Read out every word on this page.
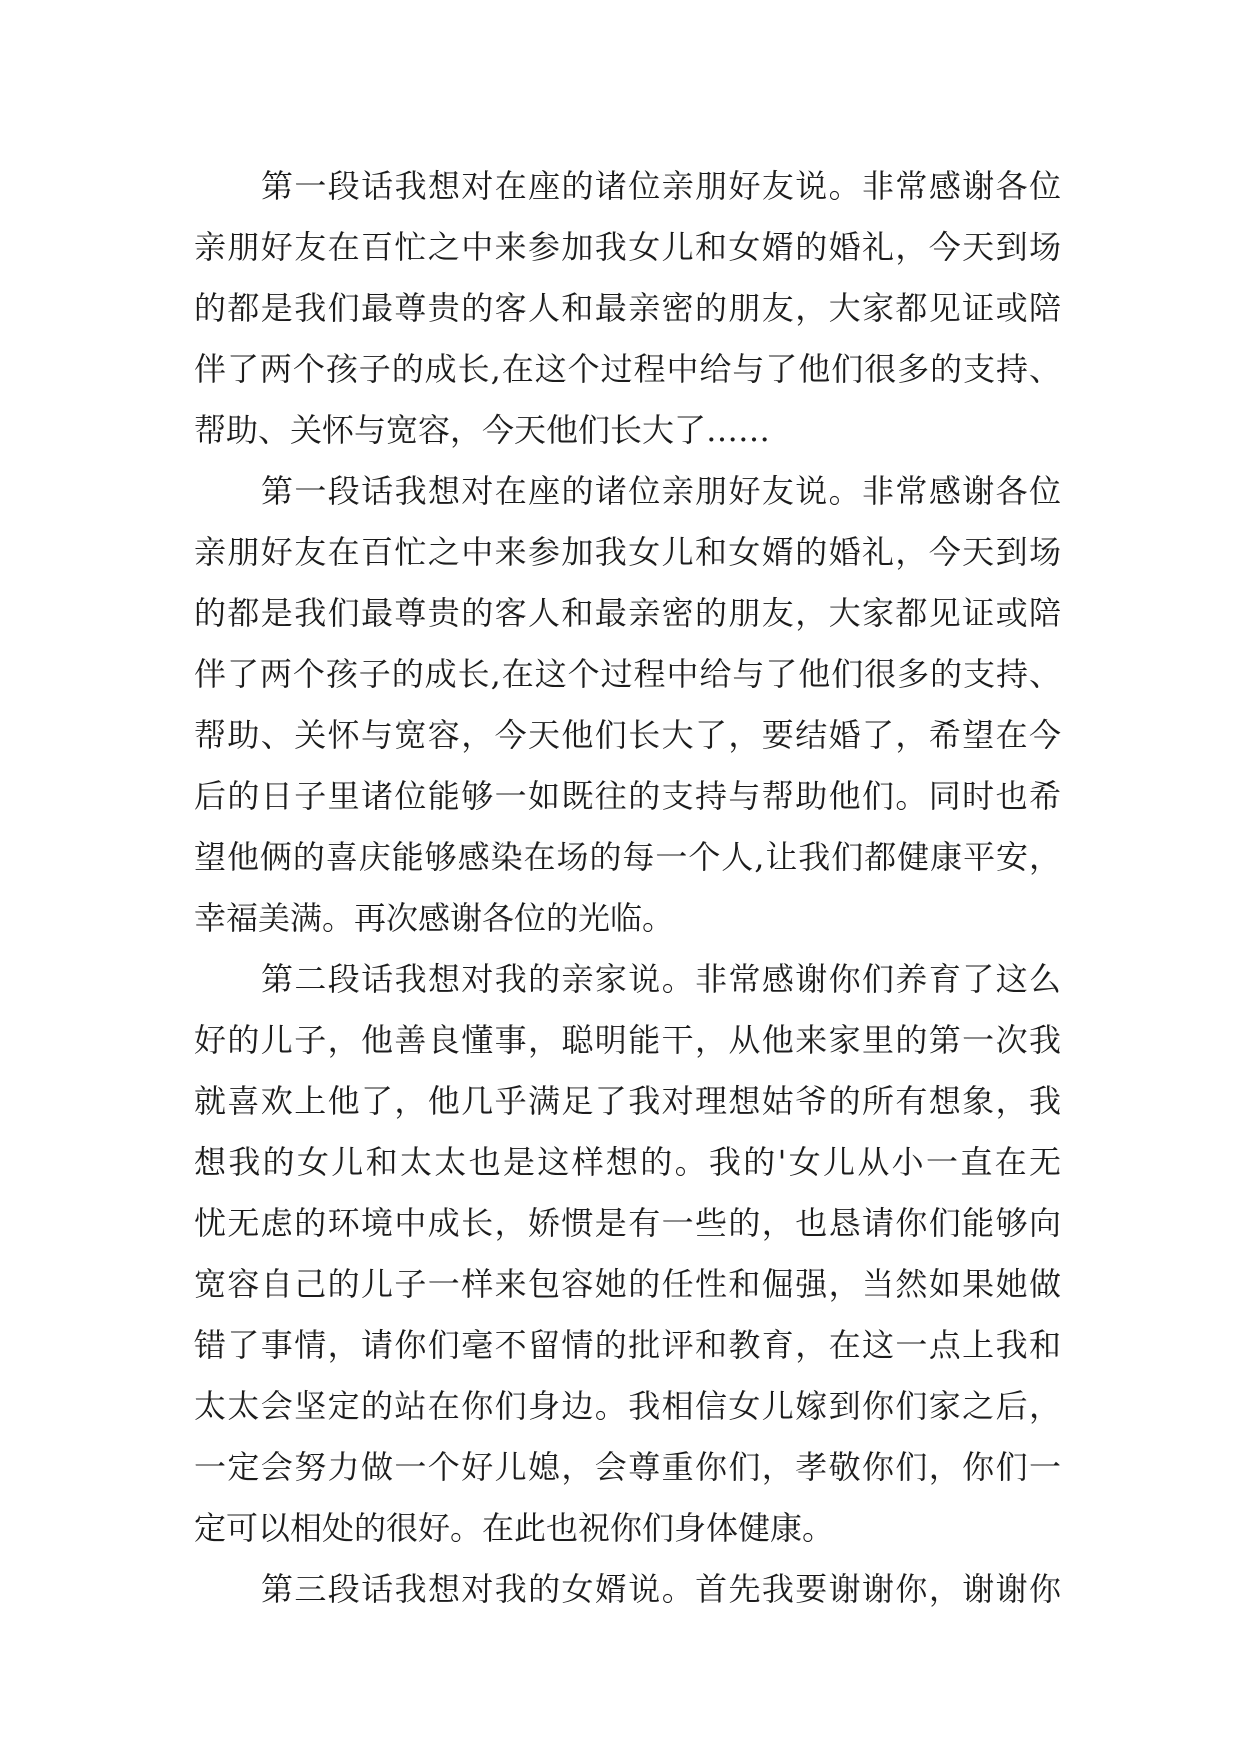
第一段话我想对在座的诸位亲朋好友说。非常感谢各位
亲朋好友在百忙之中来参加我女儿和女婿的婚礼，今天到场
的都是我们最尊贵的客人和最亲密的朋友，大家都见证或陪
伴了两个孩子的成长,在这个过程中给与了他们很多的支持、
帮助、关怀与宽容，今天他们长大了……
第一段话我想对在座的诸位亲朋好友说。非常感谢各位
亲朋好友在百忙之中来参加我女儿和女婿的婚礼，今天到场
的都是我们最尊贵的客人和最亲密的朋友，大家都见证或陪
伴了两个孩子的成长,在这个过程中给与了他们很多的支持、
帮助、关怀与宽容，今天他们长大了，要结婚了，希望在今
后的日子里诸位能够一如既往的支持与帮助他们。同时也希
望他俩的喜庆能够感染在场的每一个人,让我们都健康平安，
幸福美满。再次感谢各位的光临。
第二段话我想对我的亲家说。非常感谢你们养育了这么
好的儿子，他善良懂事，聪明能干，从他来家里的第一次我
就喜欢上他了，他几乎满足了我对理想姑爷的所有想象，我
想我的女儿和太太也是这样想的。我的'女儿从小一直在无
忧无虑的环境中成长，娇惯是有一些的，也恳请你们能够向
宽容自己的儿子一样来包容她的任性和倔强，当然如果她做
错了事情，请你们毫不留情的批评和教育，在这一点上我和
太太会坚定的站在你们身边。我相信女儿嫁到你们家之后，
一定会努力做一个好儿媳，会尊重你们，孝敬你们，你们一
定可以相处的很好。在此也祝你们身体健康。
第三段话我想对我的女婿说。首先我要谢谢你，谢谢你
